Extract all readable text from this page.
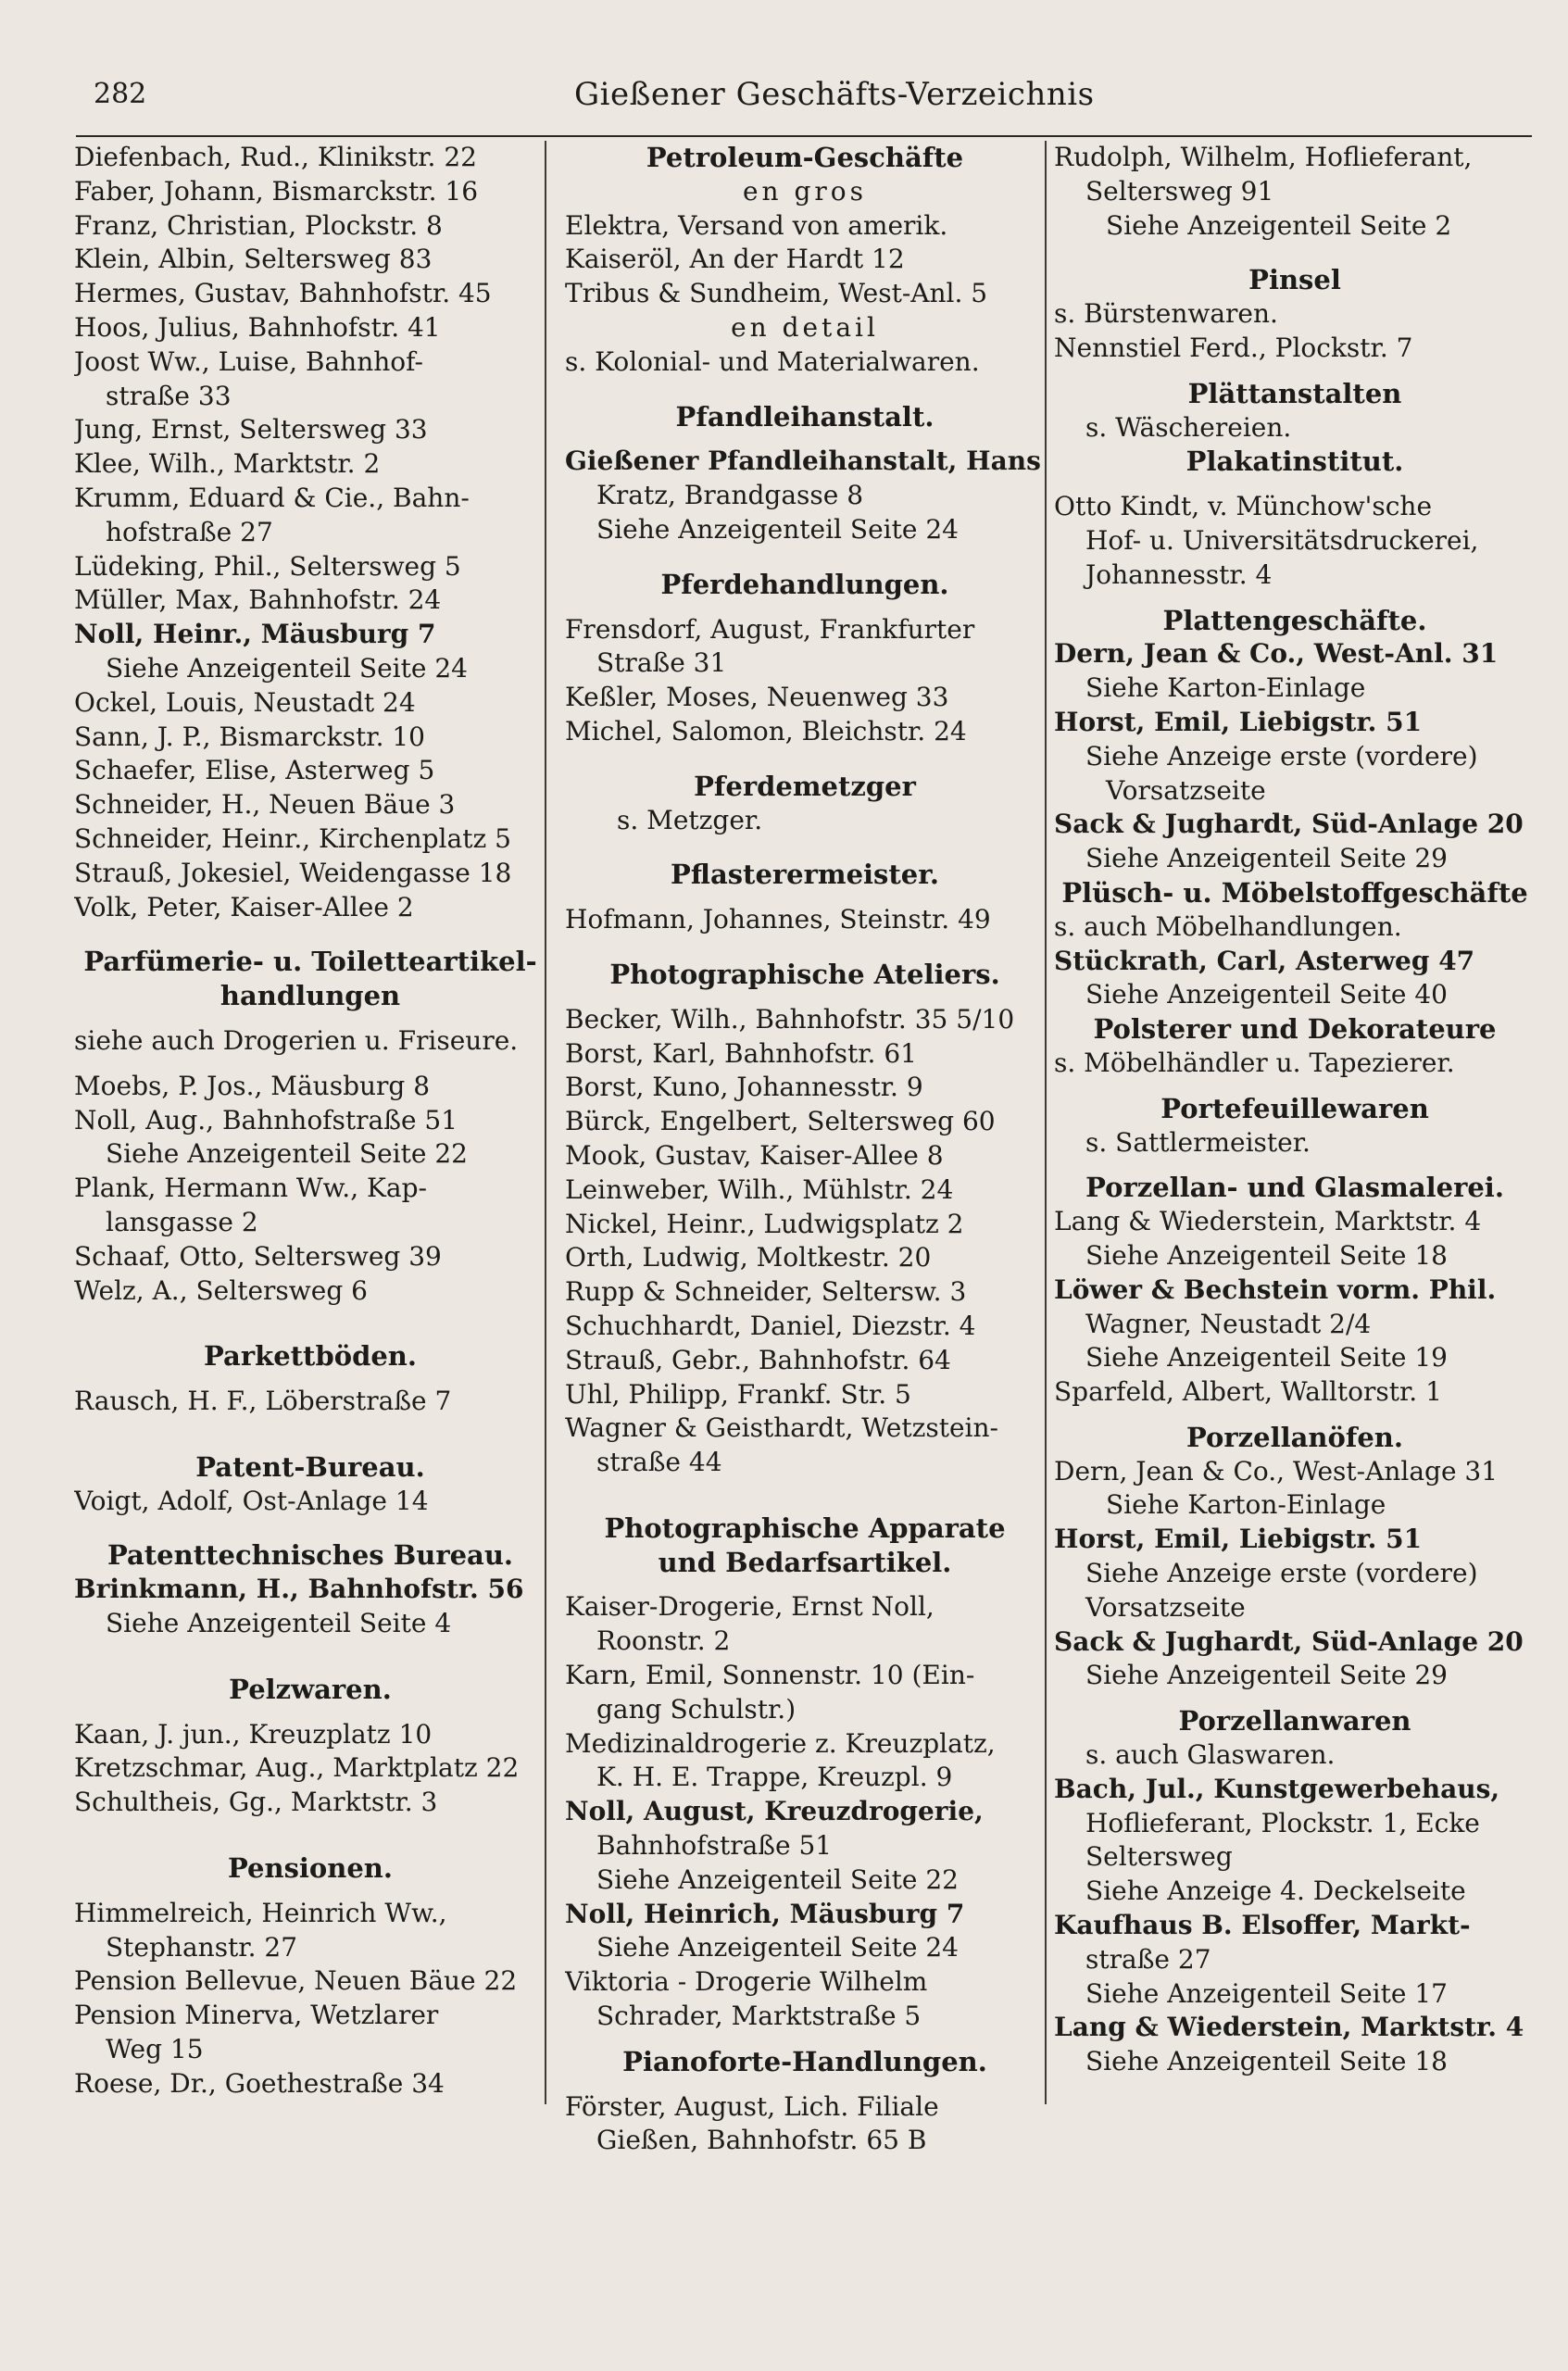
282	Gießener Geschäfts-Verzeichnis
Diefenbach, Rud., Klinikstr. 22
Faber, Johann, Bismarckstr. 16
Franz, Christian, Plockstr. 8
Klein, Albin, Seltersweg 83
Hermes, Gustav, Bahnhofstr. 45
Hoos, Julius, Bahnhofstr. 41
Joost Ww., Luise, Bahnhof-
straße 33
Jung, Ernst, Seltersweg 33
Klee, Wilh., Marktstr. 2
Krumm, Eduard & Cie., Bahn-
hofstraße 27
Lüdeking, Phil., Seltersweg 5
Müller, Max, Bahnhofstr. 24
Noll, Heinr., Mäusburg 7
Siehe Anzeigenteil Seite 24
Ockel, Louis, Neustadt 24
Sann, J. P., Bismarckstr. 10
Schaefer, Elise, Asterweg 5
Schneider, H., Neuen Bäue 3
Schneider, Heinr., Kirchenplatz 5
Strauß, Jokesiel, Weidengasse 18
Volk, Peter, Kaiser-Allee 2
Parfümerie- u. Toiletteartikel-
handlungen
siehe auch Drogerien u. Friseure.
Moebs, P. Jos., Mäusburg 8
Noll, Aug., Bahnhofstraße 51
Siehe Anzeigenteil Seite 22
Plank, Hermann Ww., Kap-
lansgasse 2
Schaaf, Otto, Seltersweg 39
Welz, A., Seltersweg 6
Parkettböden.
Rausch, H. F., Löberstraße 7
Patent-Bureau.
Voigt, Adolf, Ost-Anlage 14
Patenttechnisches Bureau.
Brinkmann, H., Bahnhofstr. 56
Siehe Anzeigenteil Seite 4
Pelzwaren.
Kaan, J. jun., Kreuzplatz 10
Kretzschmar, Aug., Marktplatz 22
Schultheis, Gg., Marktstr. 3
Pensionen.
Himmelreich, Heinrich Ww.,
Stephanstr. 27
Pension Bellevue, Neuen Bäue 22
Pension Minerva, Wetzlarer
Weg 15
Roese, Dr., Goethestraße 34
Petroleum-Geschäfte
en gros
Elektra, Versand von amerik.
Kaiseröl, An der Hardt 12
Tribus & Sundheim, West-Anl. 5
en detail
s. Kolonial- und Materialwaren.
Pfandleihanstalt.
Gießener Pfandleihanstalt, Hans
Kratz, Brandgasse 8
Siehe Anzeigenteil Seite 24
Pferdehandlungen.
Frensdorf, August, Frankfurter
Straße 31
Keßler, Moses, Neuenweg 33
Michel, Salomon, Bleichstr. 24
Pferdemetzger
s. Metzger.
Pflasterermeister.
Hofmann, Johannes, Steinstr. 49
Photographische Ateliers.
Becker, Wilh., Bahnhofstr. 35 5/10
Borst, Karl, Bahnhofstr. 61
Borst, Kuno, Johannesstr. 9
Bürck, Engelbert, Seltersweg 60
Mook, Gustav, Kaiser-Allee 8
Leinweber, Wilh., Mühlstr. 24
Nickel, Heinr., Ludwigsplatz 2
Orth, Ludwig, Moltkestr. 20
Rupp & Schneider, Seltersw. 3
Schuchhardt, Daniel, Diezstr. 4
Strauß, Gebr., Bahnhofstr. 64
Uhl, Philipp, Frankf. Str. 5
Wagner & Geisthardt, Wetzstein-
straße 44
Photographische Apparate
und Bedarfsartikel.
Kaiser-Drogerie, Ernst Noll,
Roonstr. 2
Karn, Emil, Sonnenstr. 10 (Ein-
gang Schulstr.)
Medizinaldrogerie z. Kreuzplatz,
K. H. E. Trappe, Kreuzpl. 9
Noll, August, Kreuzdrogerie,
Bahnhofstraße 51
Siehe Anzeigenteil Seite 22
Noll, Heinrich, Mäusburg 7
Siehe Anzeigenteil Seite 24
Viktoria - Drogerie Wilhelm
Schrader, Marktstraße 5
Pianoforte-Handlungen.
Förster, August, Lich. Filiale
Gießen, Bahnhofstr. 65 B
Rudolph, Wilhelm, Hoflieferant,
Seltersweg 91
Siehe Anzeigenteil Seite 2
Pinsel
s. Bürstenwaren.
Nennstiel Ferd., Plockstr. 7
Plättanstalten
s. Wäschereien.
Plakatinstitut.
Otto Kindt, v. Münchow'sche
Hof- u. Universitätsdruckerei,
Johannesstr. 4
Plattengeschäfte.
Dern, Jean & Co., West-Anl. 31
Siehe Karton-Einlage
Horst, Emil, Liebigstr. 51
Siehe Anzeige erste (vordere)
Vorsatzseite
Sack & Jughardt, Süd-Anlage 20
Siehe Anzeigenteil Seite 29
Plüsch- u. Möbelstoffgeschäfte
s. auch Möbelhandlungen.
Stückrath, Carl, Asterweg 47
Siehe Anzeigenteil Seite 40
Polsterer und Dekorateure
s. Möbelhändler u. Tapezierer.
Portefeuillewaren
s. Sattlermeister.
Porzellan- und Glasmalerei.
Lang & Wiederstein, Marktstr. 4
Siehe Anzeigenteil Seite 18
Löwer & Bechstein vorm. Phil.
Wagner, Neustadt 2/4
Siehe Anzeigenteil Seite 19
Sparfeld, Albert, Walltorstr. 1
Porzellanöfen.
Dern, Jean & Co., West-Anlage 31
Siehe Karton-Einlage
Horst, Emil, Liebigstr. 51
Siehe Anzeige erste (vordere)
Vorsatzseite
Sack & Jughardt, Süd-Anlage 20
Siehe Anzeigenteil Seite 29
Porzellanwaren
s. auch Glaswaren.
Bach, Jul., Kunstgewerbehaus,
Hoflieferant, Plockstr. 1, Ecke
Seltersweg
Siehe Anzeige 4. Deckelseite
Kaufhaus B. Elsoffer, Markt-
straße 27
Siehe Anzeigenteil Seite 17
Lang & Wiederstein, Marktstr. 4
Siehe Anzeigenteil Seite 18
